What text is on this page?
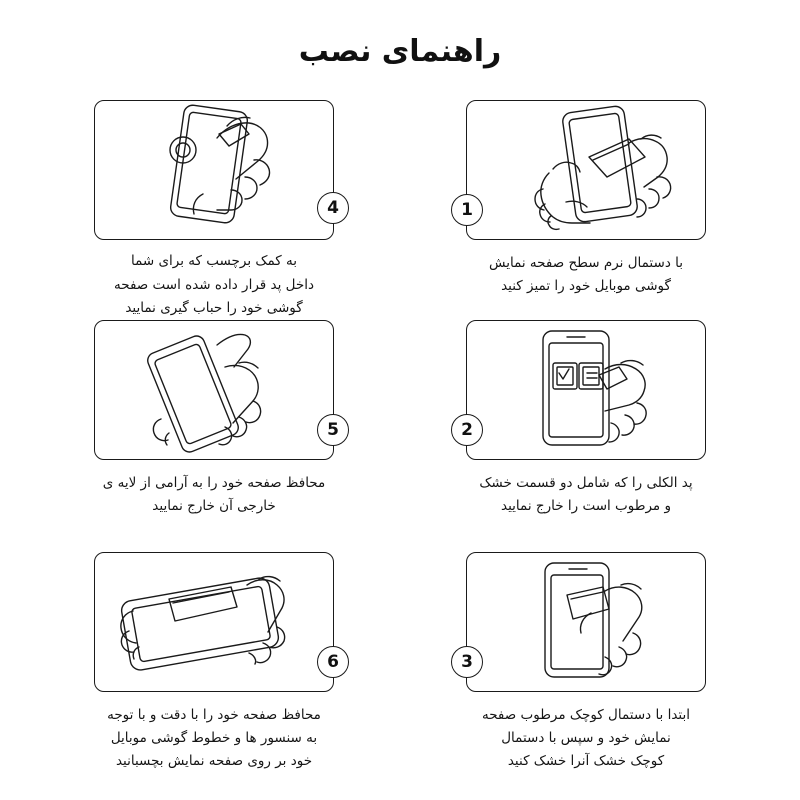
راهنمای نصب
1
با دستمال نرم سطح صفحه نمایش
گوشی موبایل خود را تمیز کنید
4
به کمک برچسب که برای شما
داخل پد قرار داده شده است صفحه
گوشی خود را حباب گیری نمایید
2
پد الکلی را که شامل دو قسمت خشک
و مرطوب است را خارج نمایید
5
محافظ صفحه خود را به آرامی از لایه ی
خارجی آن خارج نمایید
3
ابتدا با دستمال کوچک مرطوب صفحه
نمایش خود و سپس با دستمال
کوچک خشک آنرا خشک کنید
6
محافظ صفحه خود را با دقت و با توجه
به سنسور ها و خطوط گوشی موبایل
خود بر روی صفحه نمایش بچسبانید
